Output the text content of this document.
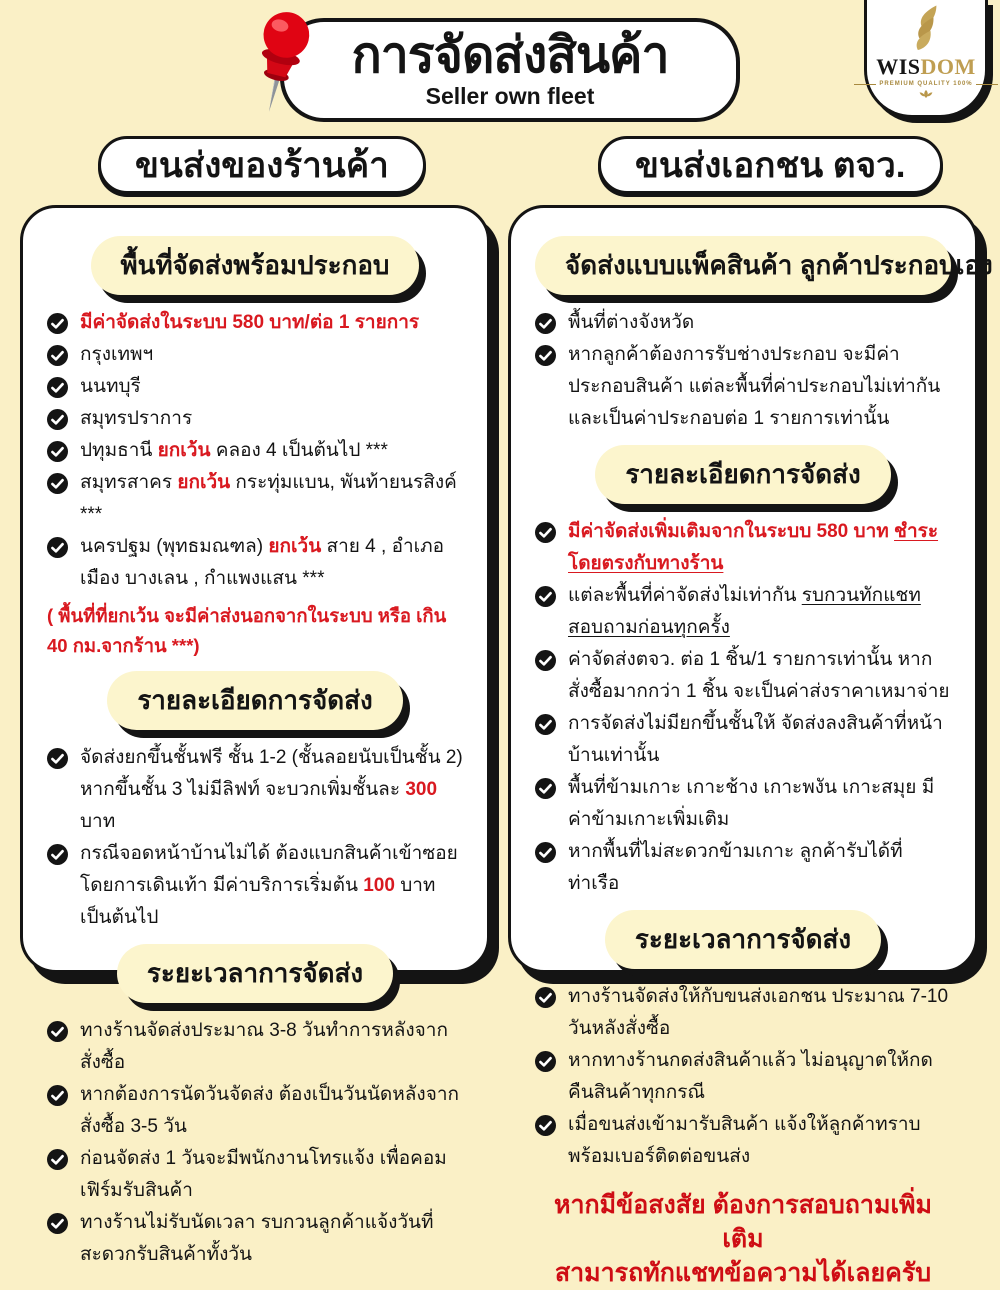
การจัดส่งสินค้า
Seller own fleet
WISDOM
PREMIUM QUALITY 100%
ขนส่งของร้านค้า	ขนส่งเอกชน ตจว.
พื้นที่จัดส่งพร้อมประกอบ
มีค่าจัดส่งในระบบ 580 บาท/ต่อ 1 รายการ
กรุงเทพฯ
นนทบุรี
สมุทรปราการ
ปทุมธานี ยกเว้น คลอง 4 เป็นต้นไป ***
สมุทรสาคร ยกเว้น กระทุ่มแบน, พันท้ายนรสิงค์ ***
นครปฐม (พุทธมณฑล) ยกเว้น สาย 4 , อำเภอเมือง บางเลน , กำแพงแสน ***
( พื้นที่ที่ยกเว้น จะมีค่าส่งนอกจากในระบบ หรือ เกิน 40 กม.จากร้าน ***)
รายละเอียดการจัดส่ง
จัดส่งยกขึ้นชั้นฟรี ชั้น 1-2 (ชั้นลอยนับเป็นชั้น 2) หากขึ้นชั้น 3 ไม่มีลิฟท์ จะบวกเพิ่มชั้นละ 300 บาท
กรณีจอดหน้าบ้านไม่ได้ ต้องแบกสินค้าเข้าซอยโดยการเดินเท้า มีค่าบริการเริ่มต้น 100 บาทเป็นต้นไป
ระยะเวลาการจัดส่ง
ทางร้านจัดส่งประมาณ 3-8 วันทำการหลังจากสั่งซื้อ
หากต้องการนัดวันจัดส่ง ต้องเป็นวันนัดหลังจากสั่งซื้อ 3-5 วัน
ก่อนจัดส่ง 1 วันจะมีพนักงานโทรแจ้ง เพื่อคอมเฟิร์มรับสินค้า
ทางร้านไม่รับนัดเวลา รบกวนลูกค้าแจ้งวันที่สะดวกรับสินค้าทั้งวัน
จัดส่งแบบแพ็คสินค้า ลูกค้าประกอบเอง
พื้นที่ต่างจังหวัด
หากลูกค้าต้องการรับช่างประกอบ จะมีค่าประกอบสินค้า แต่ละพื้นที่ค่าประกอบไม่เท่ากัน และเป็นค่าประกอบต่อ 1 รายการเท่านั้น
รายละเอียดการจัดส่ง
มีค่าจัดส่งเพิ่มเติมจากในระบบ 580 บาท ชำระโดยตรงกับทางร้าน
แต่ละพื้นที่ค่าจัดส่งไม่เท่ากัน รบกวนทักแชทสอบถามก่อนทุกครั้ง
ค่าจัดส่งตจว. ต่อ 1 ชิ้น/1 รายการเท่านั้น หากสั่งซื้อมากกว่า 1 ชิ้น จะเป็นค่าส่งราคาเหมาจ่าย
การจัดส่งไม่มียกขึ้นชั้นให้ จัดส่งลงสินค้าที่หน้าบ้านเท่านั้น
พื้นที่ข้ามเกาะ เกาะช้าง เกาะพงัน เกาะสมุย มีค่าข้ามเกาะเพิ่มเติม
หากพื้นที่ไม่สะดวกข้ามเกาะ ลูกค้ารับได้ที่ท่าเรือ
ระยะเวลาการจัดส่ง
ทางร้านจัดส่งให้กับขนส่งเอกชน ประมาณ 7-10 วันหลังสั่งซื้อ
หากทางร้านกดส่งสินค้าแล้ว ไม่อนุญาตให้กดคืนสินค้าทุกกรณี
เมื่อขนส่งเข้ามารับสินค้า แจ้งให้ลูกค้าทราบพร้อมเบอร์ติดต่อขนส่ง
หากมีข้อสงสัย ต้องการสอบถามเพิ่มเติม
สามารถทักแชทข้อความได้เลยครับ
